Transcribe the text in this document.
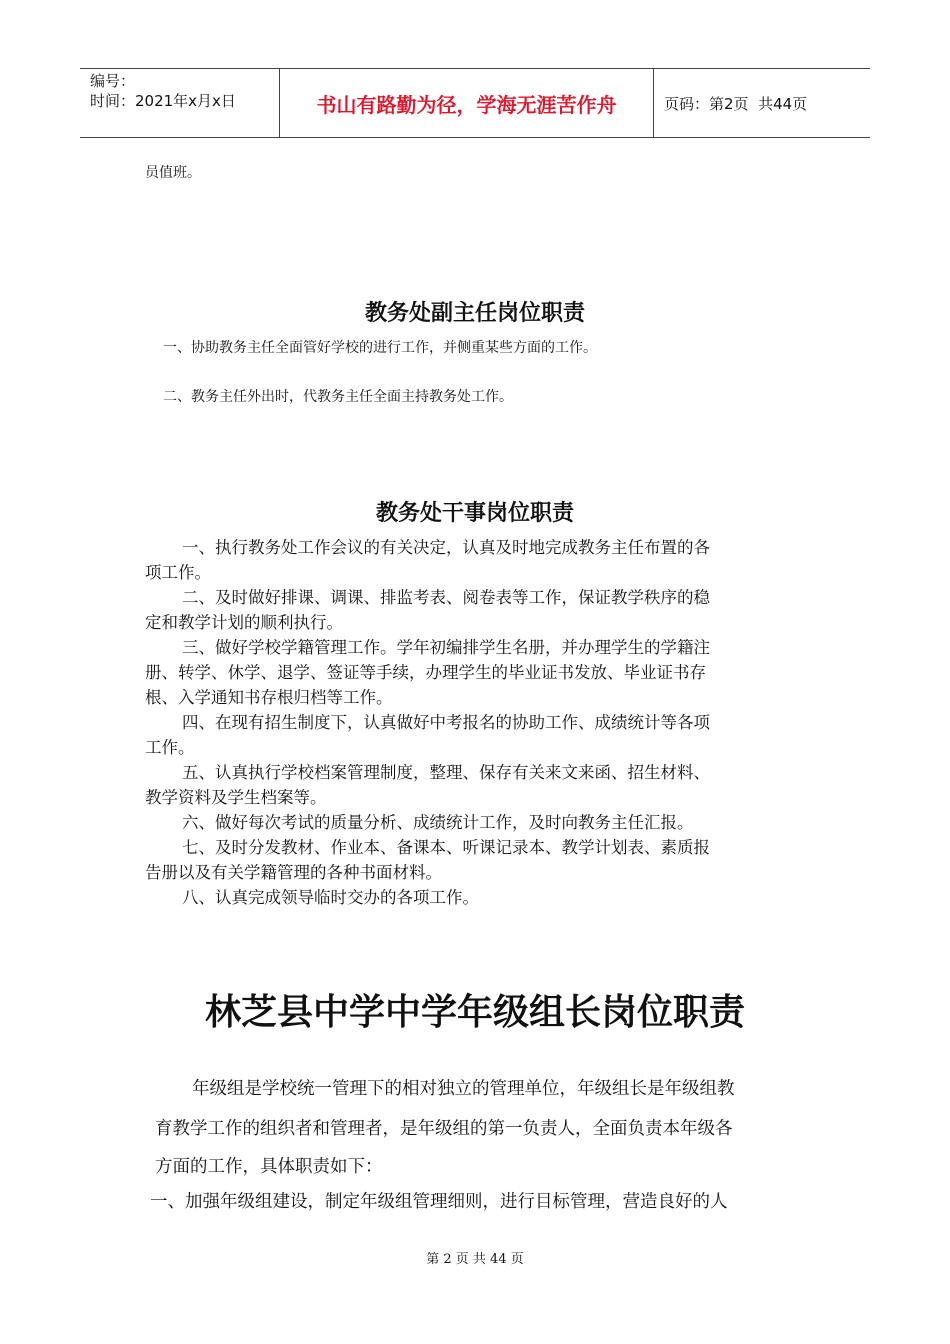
编号：
时间：2021年x月x日	书山有路勤为径，学海无涯苦作舟	页码：第2页  共44页
员值班。
教务处副主任岗位职责
一、协助教务主任全面管好学校的进行工作，并侧重某些方面的工作。
二、教务主任外出时，代教务主任全面主持教务处工作。
教务处干事岗位职责
一、执行教务处工作会议的有关决定，认真及时地完成教务主任布置的各
项工作。
二、及时做好排课、调课、排监考表、阅卷表等工作，保证教学秩序的稳
定和教学计划的顺利执行。
三、做好学校学籍管理工作。学年初编排学生名册，并办理学生的学籍注
册、转学、休学、退学、签证等手续，办理学生的毕业证书发放、毕业证书存
根、入学通知书存根归档等工作。
四、在现有招生制度下，认真做好中考报名的协助工作、成绩统计等各项
工作。
五、认真执行学校档案管理制度，整理、保存有关来文来函、招生材料、
教学资料及学生档案等。
六、做好每次考试的质量分析、成绩统计工作，及时向教务主任汇报。
七、及时分发教材、作业本、备课本、听课记录本、教学计划表、素质报
告册以及有关学籍管理的各种书面材料。
八、认真完成领导临时交办的各项工作。
林芝县中学中学年级组长岗位职责
年级组是学校统一管理下的相对独立的管理单位，年级组长是年级组教
育教学工作的组织者和管理者，是年级组的第一负责人，全面负责本年级各
方面的工作，具体职责如下：
一、加强年级组建设，制定年级组管理细则，进行目标管理，营造良好的人
第 2 页 共 44 页
